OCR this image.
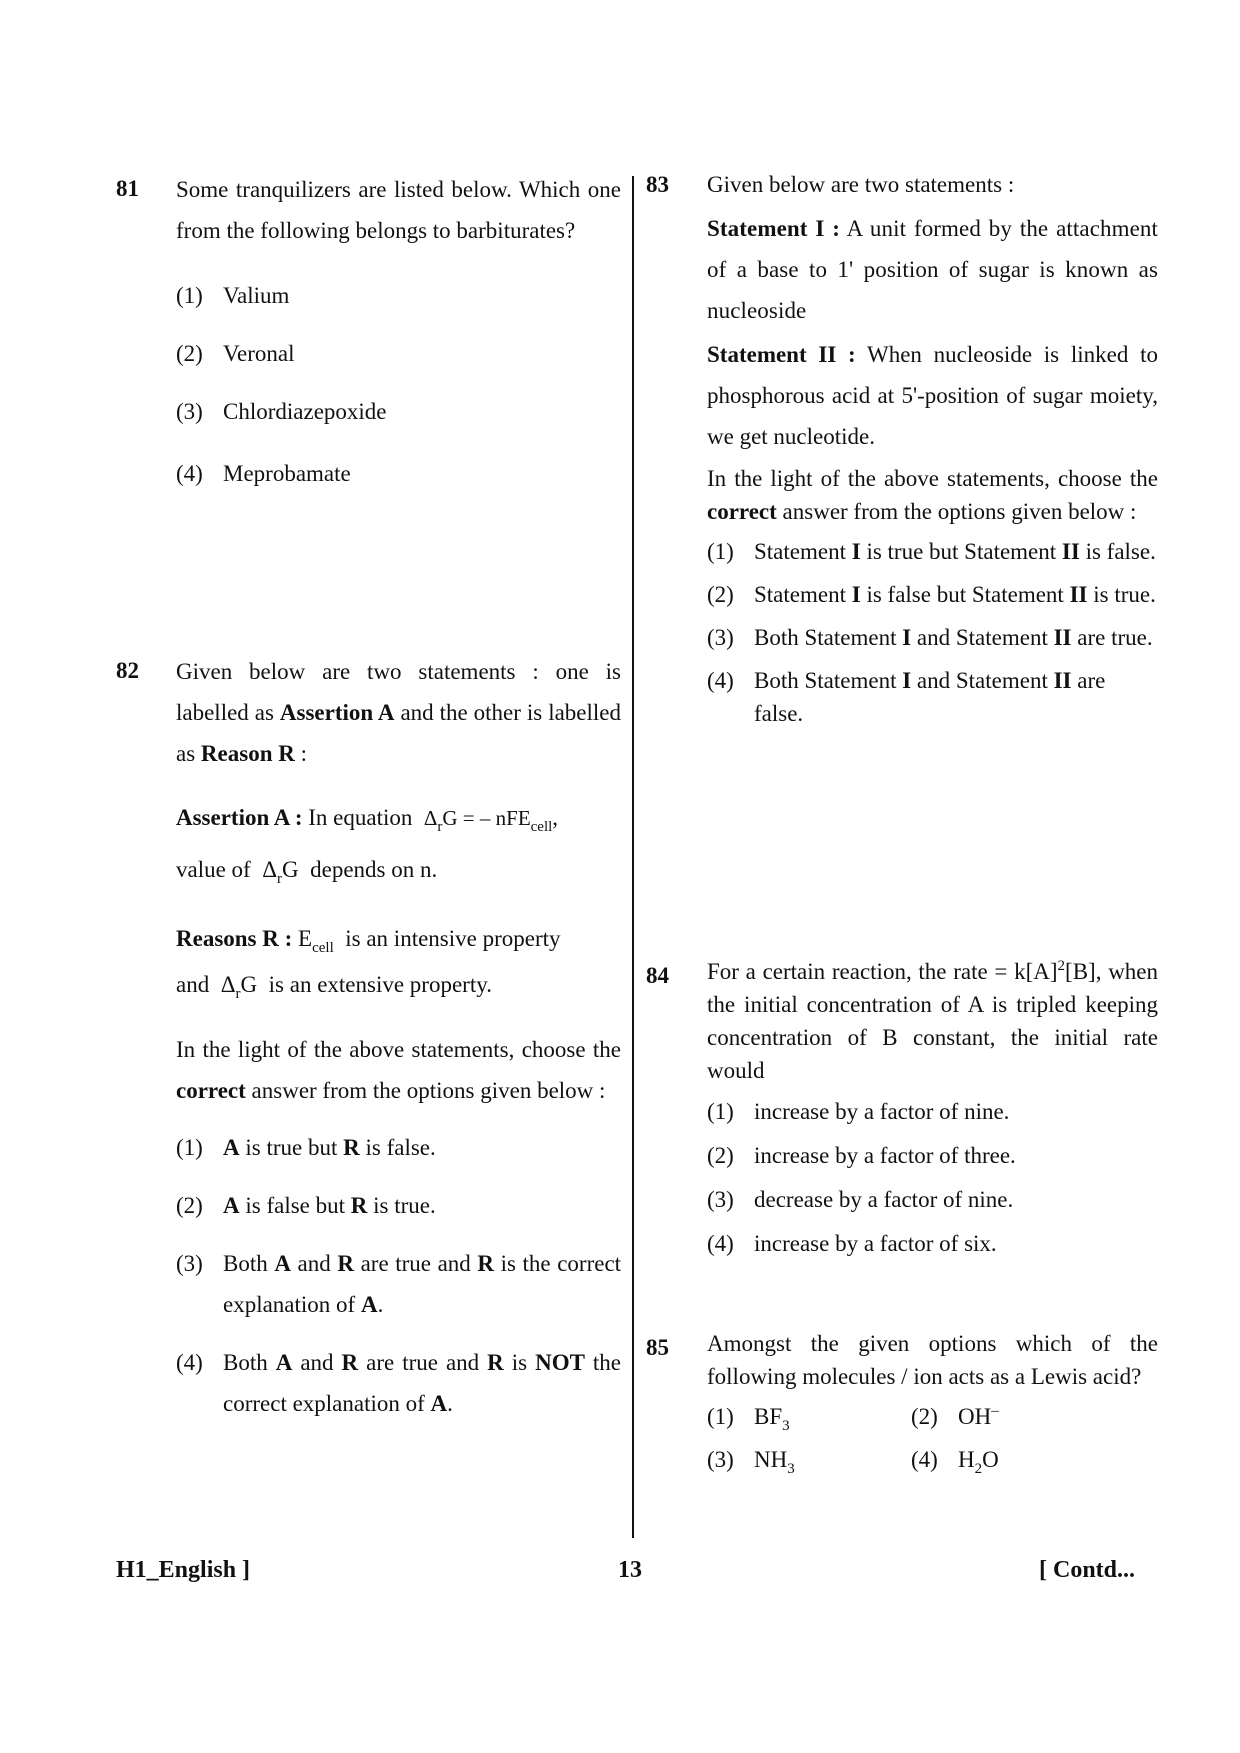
81 Some tranquilizers are listed below. Which one from the following belongs to barbiturates?

(1) Valium

(2) Veronal

(3) Chlordiazepoxide

(4) Meprobamate

82 Given below are two statements : one is labelled as Assertion A and the other is labelled as Reason R :

Assertion A : In equation $\Delta_rG$ = – nFE$_{cell}$,

value of $\Delta_rG$ depends on n.

Reasons R : $E_{cell}$ is an intensive property

and $\Delta_rG$ is an extensive property.

In the light of the above statements, choose the correct answer from the options given below :

(1) A is true but R is false.

(2) A is false but R is true.

(3) Both A and R are true and R is the correct explanation of A.

(4) Both A and R are true and R is NOT the correct explanation of A.

83 Given below are two statements :

Statement I : A unit formed by the attachment of a base to 1' position of sugar is known as nucleoside

Statement II : When nucleoside is linked to phosphorous acid at 5'-position of sugar moiety, we get nucleotide.

In the light of the above statements, choose the correct answer from the options given below :

(1) Statement I is true but Statement II is false.

(2) Statement I is false but Statement II is true.

(3) Both Statement I and Statement II are true.

(4) Both Statement I and Statement II are false.

84 For a certain reaction, the rate = $k[A]^2[B]$, when the initial concentration of A is tripled keeping concentration of B constant, the initial rate would

(1) increase by a factor of nine.

(2) increase by a factor of three.

(3) decrease by a factor of nine.

(4) increase by a factor of six.

85 Amongst the given options which of the following molecules / ion acts as a Lewis acid?

(1) $BF_3$	(2) OH–

(3) $NH_3$	(4) $H_2O$

H1_English ]	13	[ Contd...
